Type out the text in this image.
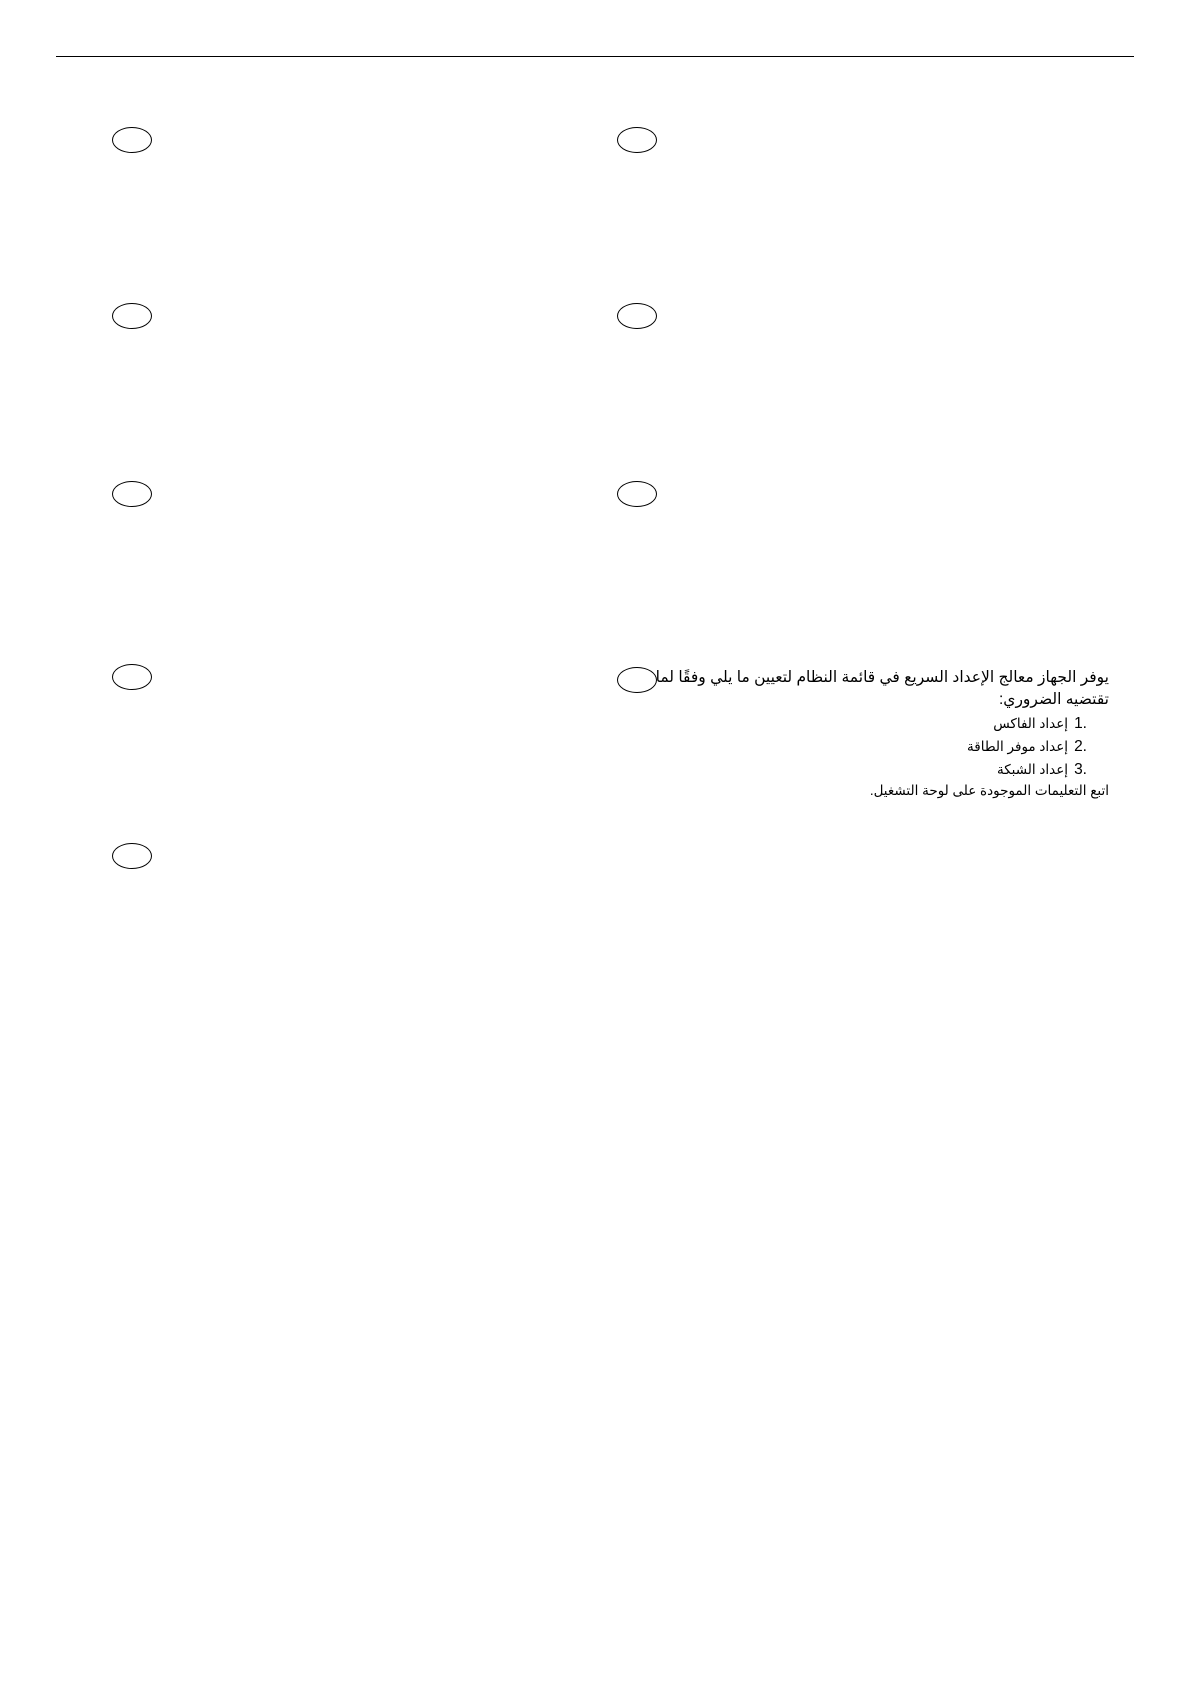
يوفر الجهاز معالج الإعداد السريع في قائمة النظام لتعيين ما يلي وفقًا لما تقتضيه الضروري:

1.إعداد الفاكس
2.إعداد موفر الطاقة
3.إعداد الشبكة

اتبع التعليمات الموجودة على لوحة التشغيل.
